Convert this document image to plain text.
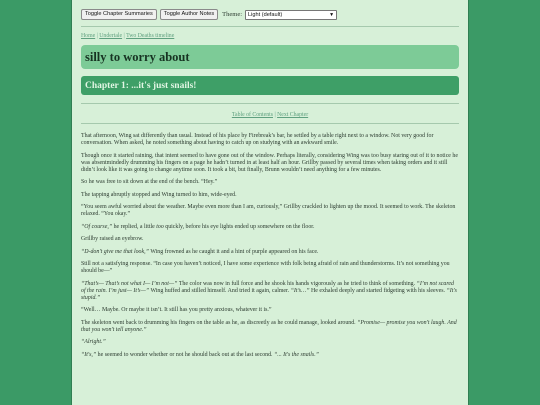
Toggle Chapter Summaries	Toggle Author Notes	Theme: Light (default)	▼
Home | Undertale | Two Deaths timeline
silly to worry about
Chapter 1: ...it's just snails!
Table of Contents | Next Chapter

That afternoon, Wing sat differently than usual. Instead of his place by Firebreak’s bar, he settled by a table right next to a window. Not very good for conversation. When asked, he noted something about having to catch up on studying with an awkward smile.

Though once it started raining, that intent seemed to have gone out of the window. Perhaps literally, considering Wing was too busy staring out of it to notice he was absentmindedly drumming his fingers on a page he hadn’t turned in at least half an hour. Grillby passed by several times when taking orders and it still didn’t look like it was going to change anytime soon. It took a bit, but finally, Brunn wouldn’t need anything for a few minutes.

So he was free to sit down at the end of the bench. “Hey.”

The tapping abruptly stopped and Wing turned to him, wide-eyed.

“You seem awful worried about the weather. Maybe even more than I am, curiously,” Grillby crackled to lighten up the mood. It seemed to work. The skeleton relaxed. “You okay.”

“Of course,” he replied, a little too quickly, before his eye lights ended up somewhere on the floor.

Grillby raised an eyebrow.

“D-don't give me that look,” Wing frowned as he caught it and a hint of purple appeared on his face.

Still not a satisfying response. “In case you haven’t noticed, I have some experience with folk being afraid of rain and thunderstorms. It’s not something you should be—”

“That’s— That’s not what I— I’m not—” The color was now in full force and he shook his hands vigorously as he tried to think of something. “I’m not scared of the rain. I’m just— It’s—” Wing huffed and stilled himself. And tried it again, calmer. “It’s…” He exhaled deeply and started fidgeting with his sleeves. “It's stupid.”

“Well… Maybe. Or maybe it isn’t. It still has you pretty anxious, whatever it is.”

The skeleton went back to drumming his fingers on the table as he, as discreetly as he could manage, looked around. “Promise— promise you won't laugh. And that you won't tell anyone.”

“Alright.”

“It's,” he seemed to wonder whether or not he should back out at the last second. “... It's the snails.”
